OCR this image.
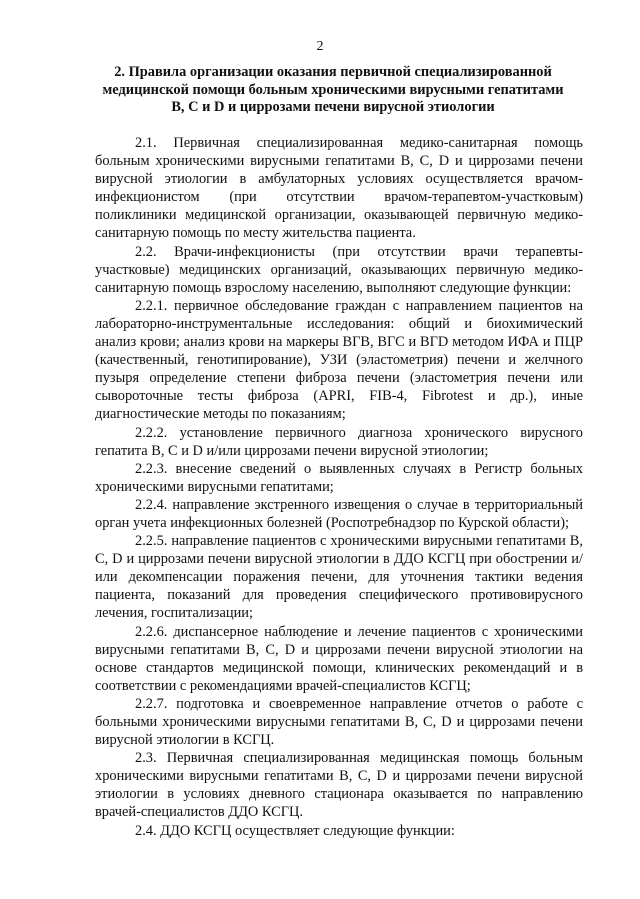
2
2. Правила организации оказания первичной специализированной медицинской помощи больным хроническими вирусными гепатитами B, C и D и циррозами печени вирусной этиологии

2.1. Первичная специализированная медико-санитарная помощь больным хроническими вирусными гепатитами B, C, D и циррозами печени вирусной этиологии в амбулаторных условиях осуществляется врачом-инфекционистом (при отсутствии врачом-терапевтом-участковым) поликлиники медицинской организации, оказывающей первичную медико-санитарную помощь по месту жительства пациента.

2.2. Врачи-инфекционисты (при отсутствии врачи терапевты-участковые) медицинских организаций, оказывающих первичную медико-санитарную помощь взрослому населению, выполняют следующие функции:

2.2.1. первичное обследование граждан с направлением пациентов на лабораторно-инструментальные исследования: общий и биохимический анализ крови; анализ крови на маркеры ВГВ, ВГС и ВГD методом ИФА и ПЦР (качественный, генотипирование), УЗИ (эластометрия) печени и желчного пузыря определение степени фиброза печени (эластометрия печени или сывороточные тесты фиброза (APRI, FIB-4, Fibrotest и др.), иные диагностические методы по показаниям;

2.2.2. установление первичного диагноза хронического вирусного гепатита B, C и D и/или циррозами печени вирусной этиологии;

2.2.3. внесение сведений о выявленных случаях в Регистр больных хроническими вирусными гепатитами;

2.2.4. направление экстренного извещения о случае в территориальный орган учета инфекционных болезней (Роспотребнадзор по Курской области);

2.2.5. направление пациентов с хроническими вирусными гепатитами B, C, D и циррозами печени вирусной этиологии в ДДО КСГЦ при обострении и/или декомпенсации поражения печени, для уточнения тактики ведения пациента, показаний для проведения специфического противовирусного лечения, госпитализации;

2.2.6. диспансерное наблюдение и лечение пациентов с хроническими вирусными гепатитами B, C, D и циррозами печени вирусной этиологии на основе стандартов медицинской помощи, клинических рекомендаций и в соответствии с рекомендациями врачей-специалистов КСГЦ;

2.2.7. подготовка и своевременное направление отчетов о работе с больными хроническими вирусными гепатитами B, C, D и циррозами печени вирусной этиологии в КСГЦ.

2.3. Первичная специализированная медицинская помощь больным хроническими вирусными гепатитами B, C, D и циррозами печени вирусной этиологии в условиях дневного стационара оказывается по направлению врачей-специалистов ДДО КСГЦ.

2.4. ДДО КСГЦ осуществляет следующие функции:
